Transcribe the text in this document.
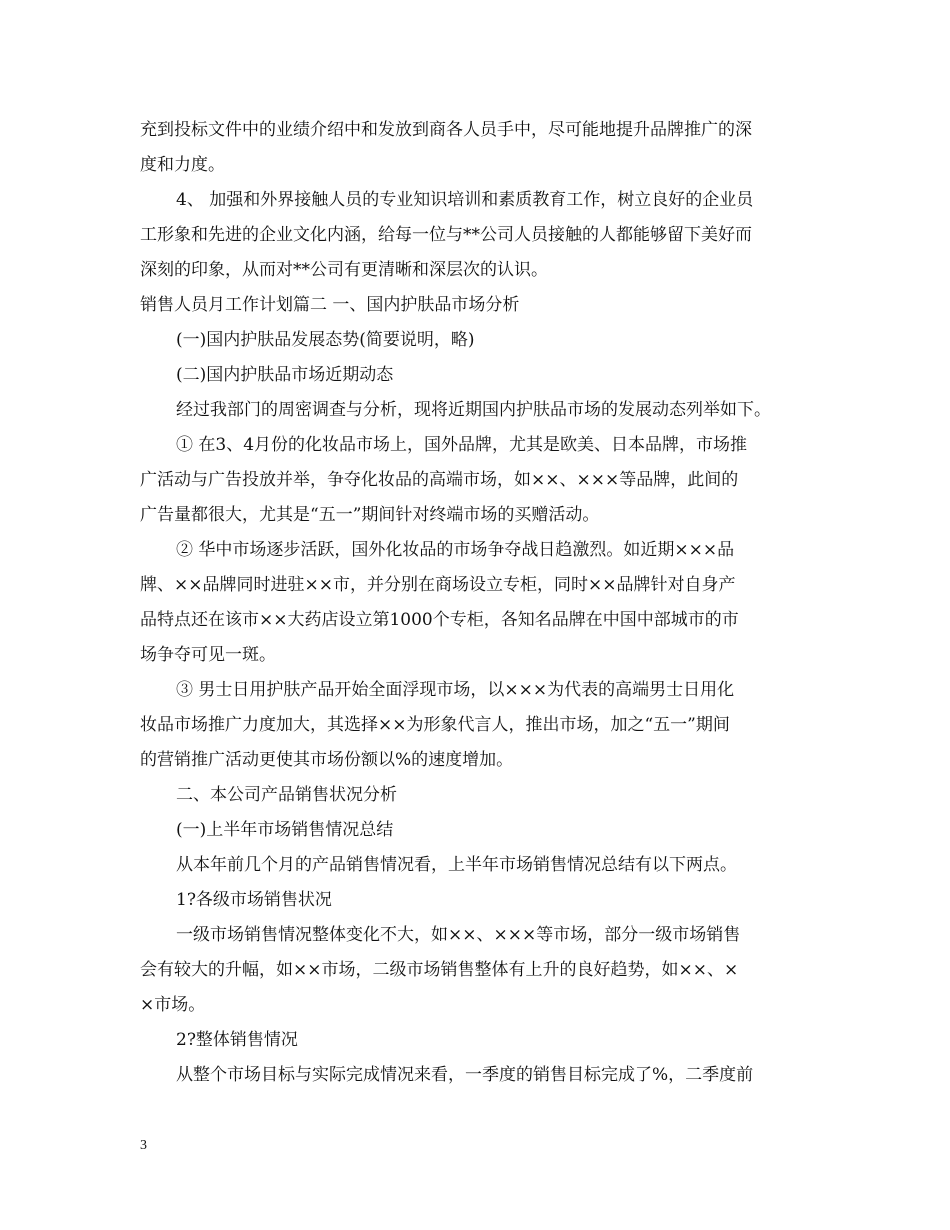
充到投标文件中的业绩介绍中和发放到商各人员手中，尽可能地提升品牌推广的深
度和力度。
4、 加强和外界接触人员的专业知识培训和素质教育工作，树立良好的企业员
工形象和先进的企业文化内涵，给每一位与**公司人员接触的人都能够留下美好而
深刻的印象，从而对**公司有更清晰和深层次的认识。
销售人员月工作计划篇二 一、国内护肤品市场分析
(一)国内护肤品发展态势(简要说明，略)
(二)国内护肤品市场近期动态
经过我部门的周密调查与分析，现将近期国内护肤品市场的发展动态列举如下。
① 在3、4月份的化妆品市场上，国外品牌，尤其是欧美、日本品牌，市场推
广活动与广告投放并举，争夺化妆品的高端市场，如××、×××等品牌，此间的
广告量都很大，尤其是“五一”期间针对终端市场的买赠活动。
② 华中市场逐步活跃，国外化妆品的市场争夺战日趋激烈。如近期×××品
牌、××品牌同时进驻××市，并分别在商场设立专柜，同时××品牌针对自身产
品特点还在该市××大药店设立第1000个专柜，各知名品牌在中国中部城市的市
场争夺可见一斑。
③ 男士日用护肤产品开始全面浮现市场，以×××为代表的高端男士日用化
妆品市场推广力度加大，其选择××为形象代言人，推出市场，加之“五一”期间
的营销推广活动更使其市场份额以%的速度增加。
二、本公司产品销售状况分析
(一)上半年市场销售情况总结
从本年前几个月的产品销售情况看，上半年市场销售情况总结有以下两点。
1?各级市场销售状况
一级市场销售情况整体变化不大，如××、×××等市场，部分一级市场销售
会有较大的升幅，如××市场，二级市场销售整体有上升的良好趋势，如××、×
×市场。
2?整体销售情况
从整个市场目标与实际完成情况来看，一季度的销售目标完成了%，二季度前
3
